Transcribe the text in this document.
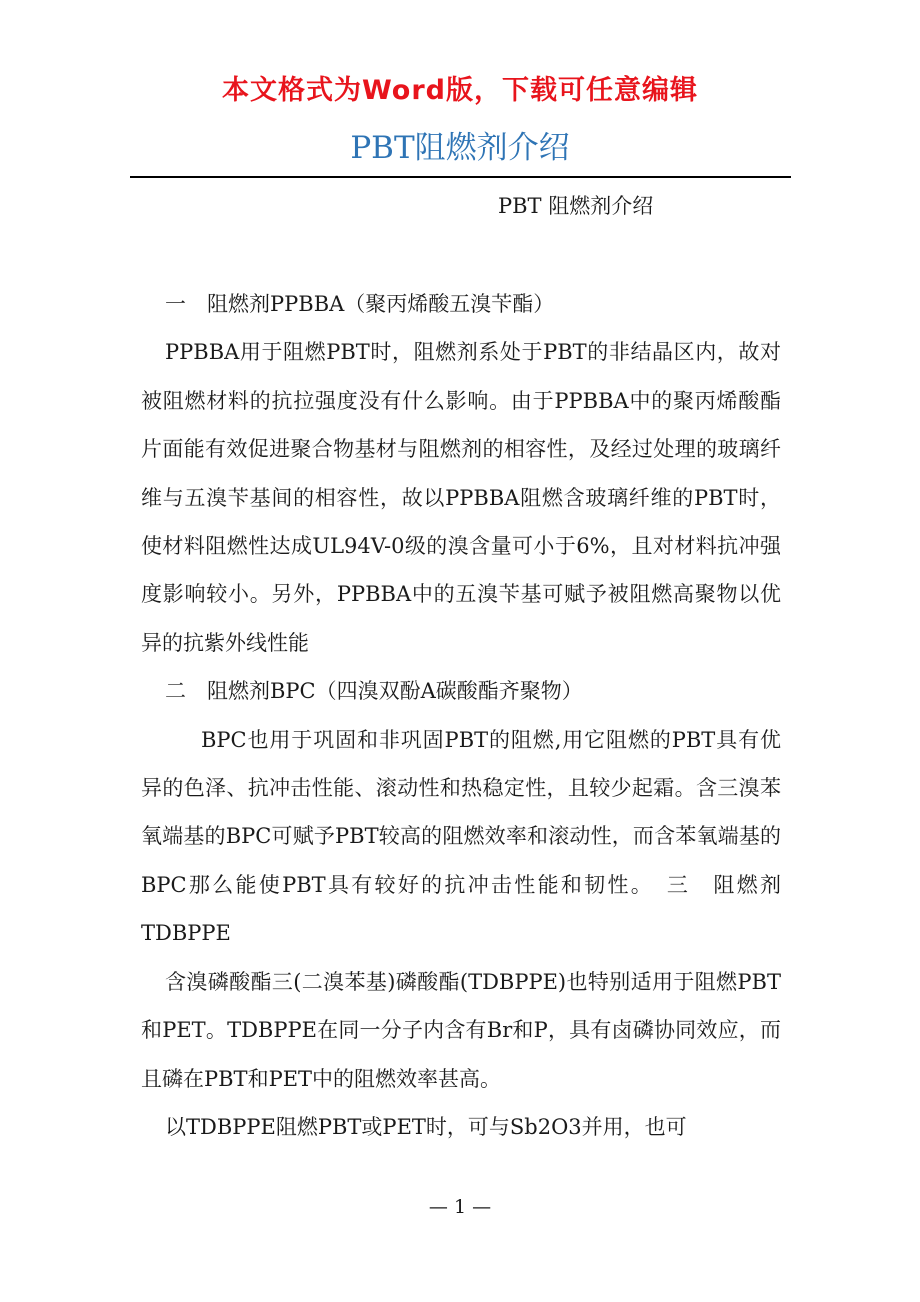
本文格式为Word版，下载可任意编辑
PBT阻燃剂介绍
PBT 阻燃剂介绍

一　阻燃剂PPBBA（聚丙烯酸五溴苄酯）

PPBBA用于阻燃PBT时，阻燃剂系处于PBT的非结晶区内，故对被阻燃材料的抗拉强度没有什么影响。由于PPBBA中的聚丙烯酸酯片面能有效促进聚合物基材与阻燃剂的相容性，及经过处理的玻璃纤维与五溴苄基间的相容性，故以PPBBA阻燃含玻璃纤维的PBT时，使材料阻燃性达成UL94V-0级的溴含量可小于6%，且对材料抗冲强度影响较小。另外，PPBBA中的五溴苄基可赋予被阻燃高聚物以优异的抗紫外线性能

二　阻燃剂BPC（四溴双酚A碳酸酯齐聚物）

BPC也用于巩固和非巩固PBT的阻燃,用它阻燃的PBT具有优异的色泽、抗冲击性能、滚动性和热稳定性，且较少起霜。含三溴苯氧端基的BPC可赋予PBT较高的阻燃效率和滚动性，而含苯氧端基的BPC那么能使PBT具有较好的抗冲击性能和韧性。　三　阻燃剂TDBPPE

含溴磷酸酯三(二溴苯基)磷酸酯(TDBPPE)也特别适用于阻燃PBT和PET。TDBPPE在同一分子内含有Br和P，具有卤磷协同效应，而且磷在PBT和PET中的阻燃效率甚高。

以TDBPPE阻燃PBT或PET时，可与Sb2O3并用，也可

— 1 —
